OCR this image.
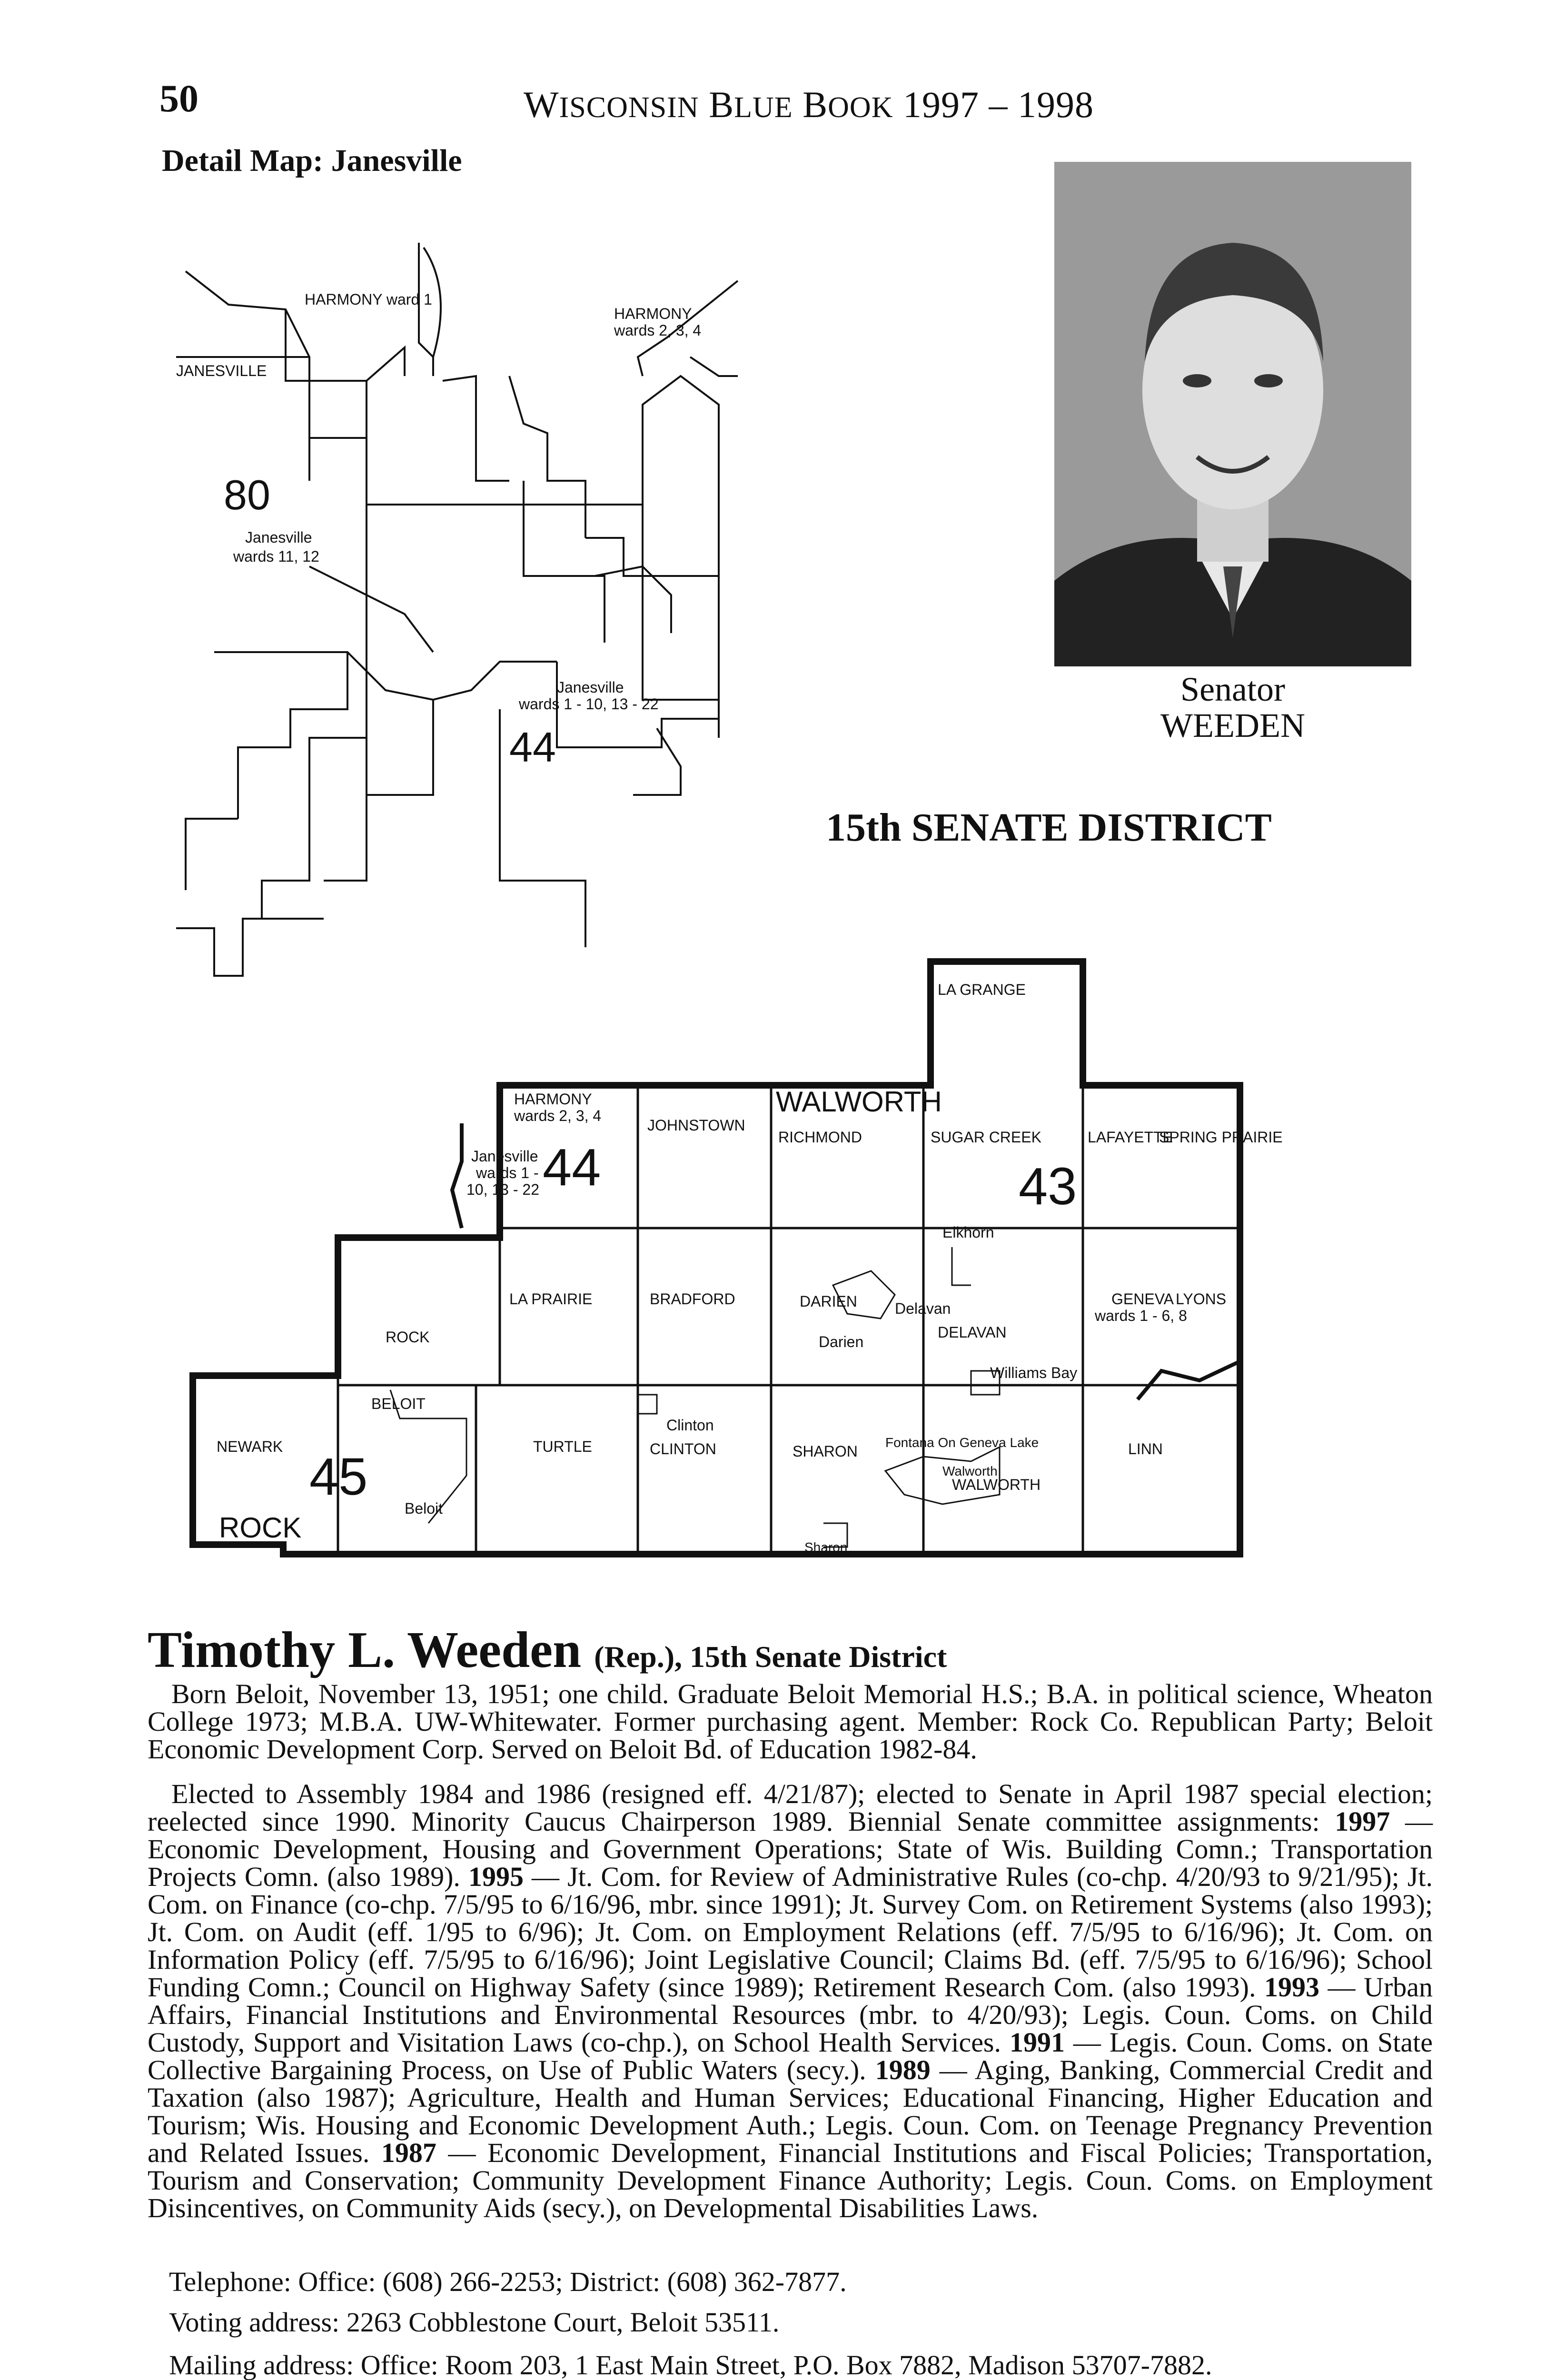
50	WISCONSIN BLUE BOOK 1997 – 1998
Detail Map: Janesville
HARMONY ward 1
HARMONY
wards 2, 3, 4
JANESVILLE
80
Janesville
wards 11, 12
Janesville
wards 1 - 10, 13 - 22
44
Senator
WEEDEN
15th SENATE DISTRICT
LA GRANGE
HARMONY
wards 2, 3, 4
JOHNSTOWN
WALWORTH
RICHMOND	SUGAR CREEK	LAFAYETTE
SPRING PRAIRIE
Janesville
wards 1 -
10, 13 - 22 44	43
Elkhorn
LA PRAIRIE	BRADFORD	DARIEN
Darien
Delavan
DELAVAN
GENEVA
wards 1 - 6, 8
LYONS
ROCK
Williams Bay
BELOIT
NEWARK
45
TURTLE
Clinton
CLINTON	SHARON
Fontana On Geneva Lake	LINN
Walworth
WALWORTH
Beloit
ROCK
Sharon
Timothy L. Weeden (Rep.), 15th Senate District

Born Beloit, November 13, 1951; one child. Graduate Beloit Memorial H.S.; B.A. in political science, Wheaton College 1973; M.B.A. UW-Whitewater. Former purchasing agent. Member: Rock Co. Republican Party; Beloit Economic Development Corp. Served on Beloit Bd. of Education 1982-84.

Elected to Assembly 1984 and 1986 (resigned eff. 4/21/87); elected to Senate in April 1987 special election; reelected since 1990. Minority Caucus Chairperson 1989. Biennial Senate committee assignments: 1997 — Economic Development, Housing and Government Operations; State of Wis. Building Comn.; Transportation Projects Comn. (also 1989). 1995 — Jt. Com. for Review of Administrative Rules (co-chp. 4/20/93 to 9/21/95); Jt. Com. on Finance (co-chp. 7/5/95 to 6/16/96, mbr. since 1991); Jt. Survey Com. on Retirement Systems (also 1993); Jt. Com. on Audit (eff. 1/95 to 6/96); Jt. Com. on Employment Relations (eff. 7/5/95 to 6/16/96); Jt. Com. on Information Policy (eff. 7/5/95 to 6/16/96); Joint Legislative Council; Claims Bd. (eff. 7/5/95 to 6/16/96); School Funding Comn.; Council on Highway Safety (since 1989); Retirement Research Com. (also 1993). 1993 — Urban Affairs, Financial Institutions and Environmental Resources (mbr. to 4/20/93); Legis. Coun. Coms. on Child Custody, Support and Visitation Laws (co-chp.), on School Health Services. 1991 — Legis. Coun. Coms. on State Collective Bargaining Process, on Use of Public Waters (secy.). 1989 — Aging, Banking, Commercial Credit and Taxation (also 1987); Agriculture, Health and Human Services; Educational Financing, Higher Education and Tourism; Wis. Housing and Economic Development Auth.; Legis. Coun. Com. on Teenage Pregnancy Prevention and Related Issues. 1987 — Economic Development, Financial Institutions and Fiscal Policies; Transportation, Tourism and Conservation; Community Development Finance Authority; Legis. Coun. Coms. on Employment Disincentives, on Community Aids (secy.), on Developmental Disabilities Laws.

Telephone: Office: (608) 266-2253; District: (608) 362-7877.
Voting address: 2263 Cobblestone Court, Beloit 53511.
Mailing address: Office: Room 203, 1 East Main Street, P.O. Box 7882, Madison 53707-7882.
